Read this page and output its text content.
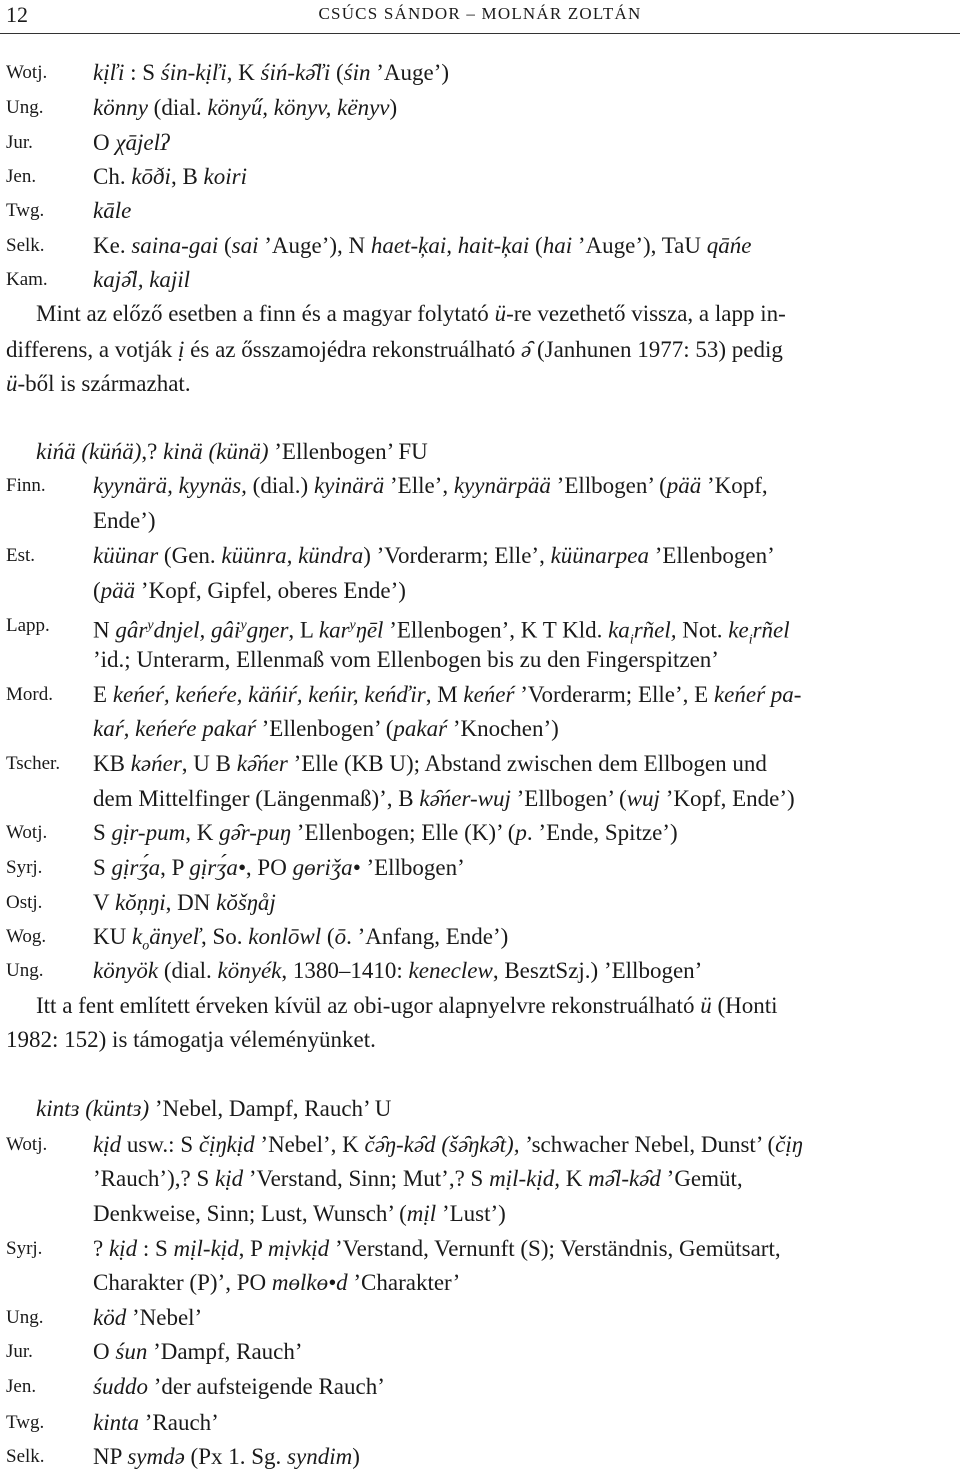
12	CSÚCS SÁNDOR – MOLNÁR ZOLTÁN
Wotj. kịľi : S śin-kịľi, K śiń-kə̑ľi (śin ’Auge’)
Ung. könny (dial. könyű, könyv, kënyv)
Jur.	O χājelʔ
Jen. Ch. kōði, B koiri
Twg. kāle
Selk. Ke. saina-gai (sai ’Auge’), N haet-ķai, hait-ķai (hai ’Auge’), TaU qāńe
Kam. kajə̑l, kajil
Mint az előző esetben a finn és a magyar folytató ü-re vezethető vissza, a lapp in-
differens, a votják ị és az ősszamojédra rekonstruálható ə̑ (Janhunen 1977: 53) pedig
ü-ből is származhat.
kińä (küńä),? kinä (künä) ’Ellenbogen’ FU
Finn. kyynärä, kyynäs, (dial.) kyinärä ’Elle’, kyynärpää ’Ellbogen’ (pää ’Kopf,
Ende’)
Est.	küünar (Gen. küünra, kündra) ’Vorderarm; Elle’, küünarpea ’Ellenbogen’
(pää ’Kopf, Gipfel, oberes Ende’)
Lapp. N gâr$^y$dnjel, gâi$^y$gŋer, L kar$^y$ŋēl ’Ellenbogen’, K T Kld. $ka_irñel$, Not. $ke_irñel$
’id.; Unterarm, Ellenmaß vom Ellenbogen bis zu den Fingerspitzen’
Mord. E keńeŕ, keńeŕe, käńiŕ, keńir, keńďir, M keńeŕ ’Vorderarm; Elle’, E keńeŕ pa-
kaŕ, keńeŕe pakaŕ ’Ellenbogen’ (pakaŕ ’Knochen’)
Tscher. KB kəńer, U B kə̑ńer ’Elle (KB U); Abstand zwischen dem Ellbogen und
dem Mittelfinger (Längenmaß)’, B kə̑ńer-wuj ’Ellbogen’ (wuj ’Kopf, Ende’)
Wotj. S gịr-pum, K gə̑r-puŋ ’Ellenbogen; Elle (K)’ (p. ’Ende, Spitze’)
Syrj. S gịrʒ́a, P gịrʒ́a•, PO gɵriǯa• ’Ellbogen’
Ostj. V kŏņŋi, DN kŏšŋåj
Wog. KU $k_oänyeľ$, So. konlōwl (ō. ’Anfang, Ende’)
Ung. könyök (dial. könyék, 1380–1410: keneclew, BesztSzj.) ’Ellbogen’
Itt a fent említett érveken kívül az obi-ugor alapnyelvre rekonstruálható ü (Honti
1982: 152) is támogatja véleményünket.
kintɜ (küntɜ) ’Nebel, Dampf, Rauch’ U
Wotj. kịd usw.: S čịŋkịd ’Nebel’, K čə̑ŋ-kə̑d (šə̑ŋkə̑t), ’schwacher Nebel, Dunst’ (čịŋ
’Rauch’),? S kịd ’Verstand, Sinn; Mut’,? S mịl-kịd, K mə̑l-kə̑d ’Gemüt,
Denkweise, Sinn; Lust, Wunsch’ (mịl ’Lust’)
Syrj. ? kịd : S mịl-kịd, P mịvkịd ’Verstand, Vernunft (S); Verständnis, Gemütsart,
Charakter (P)’, PO mɵlkɵ•d ’Charakter’
Ung. köd ’Nebel’
Jur.	O śun ’Dampf, Rauch’
Jen. śuddo ’der aufsteigende Rauch’
Twg. kinta ’Rauch’
Selk. NP symdə (Px 1. Sg. syndim)
